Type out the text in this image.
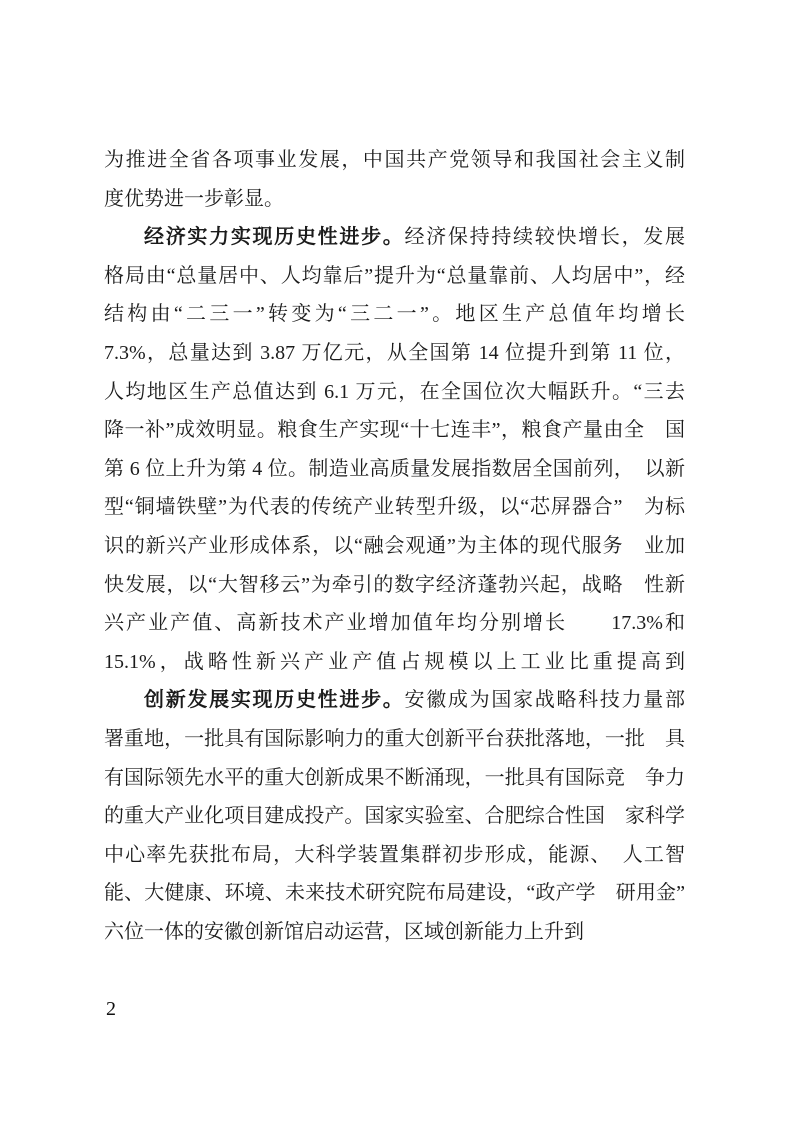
为推进全省各项事业发展，中国共产党领导和我国社会主义制
度优势进一步彰显。
经济实力实现历史性进步。经济保持持续较快增长，发展
格局由“总量居中、人均靠后”提升为“总量靠前、人均居中”，经　
结构由“二三一”转变为“三二一”。地区生产总值年均增长
7.3%，总量达到 3.87 万亿元，从全国第 14 位提升到第 11 位，
人均地区生产总值达到 6.1 万元，在全国位次大幅跃升。“三去　
降一补”成效明显。粮食生产实现“十七连丰”，粮食产量由全　国
第 6 位上升为第 4 位。制造业高质量发展指数居全国前列，　以新
型“铜墙铁壁”为代表的传统产业转型升级，以“芯屏器合”　为标
识的新兴产业形成体系，以“融会观通”为主体的现代服务　业加
快发展，以“大智移云”为牵引的数字经济蓬勃兴起，战略　性新
兴产业产值、高新技术产业增加值年均分别增长　　17.3%和
15.1%，战略性新兴产业产值占规模以上工业比重提高到　　
创新发展实现历史性进步。安徽成为国家战略科技力量部
署重地，一批具有国际影响力的重大创新平台获批落地，一批　具
有国际领先水平的重大创新成果不断涌现，一批具有国际竞　争力
的重大产业化项目建成投产。国家实验室、合肥综合性国　家科学
中心率先获批布局，大科学装置集群初步形成，能源、　人工智
能、大健康、环境、未来技术研究院布局建设，“政产学　研用金”
六位一体的安徽创新馆启动运营，区域创新能力上升到
2
